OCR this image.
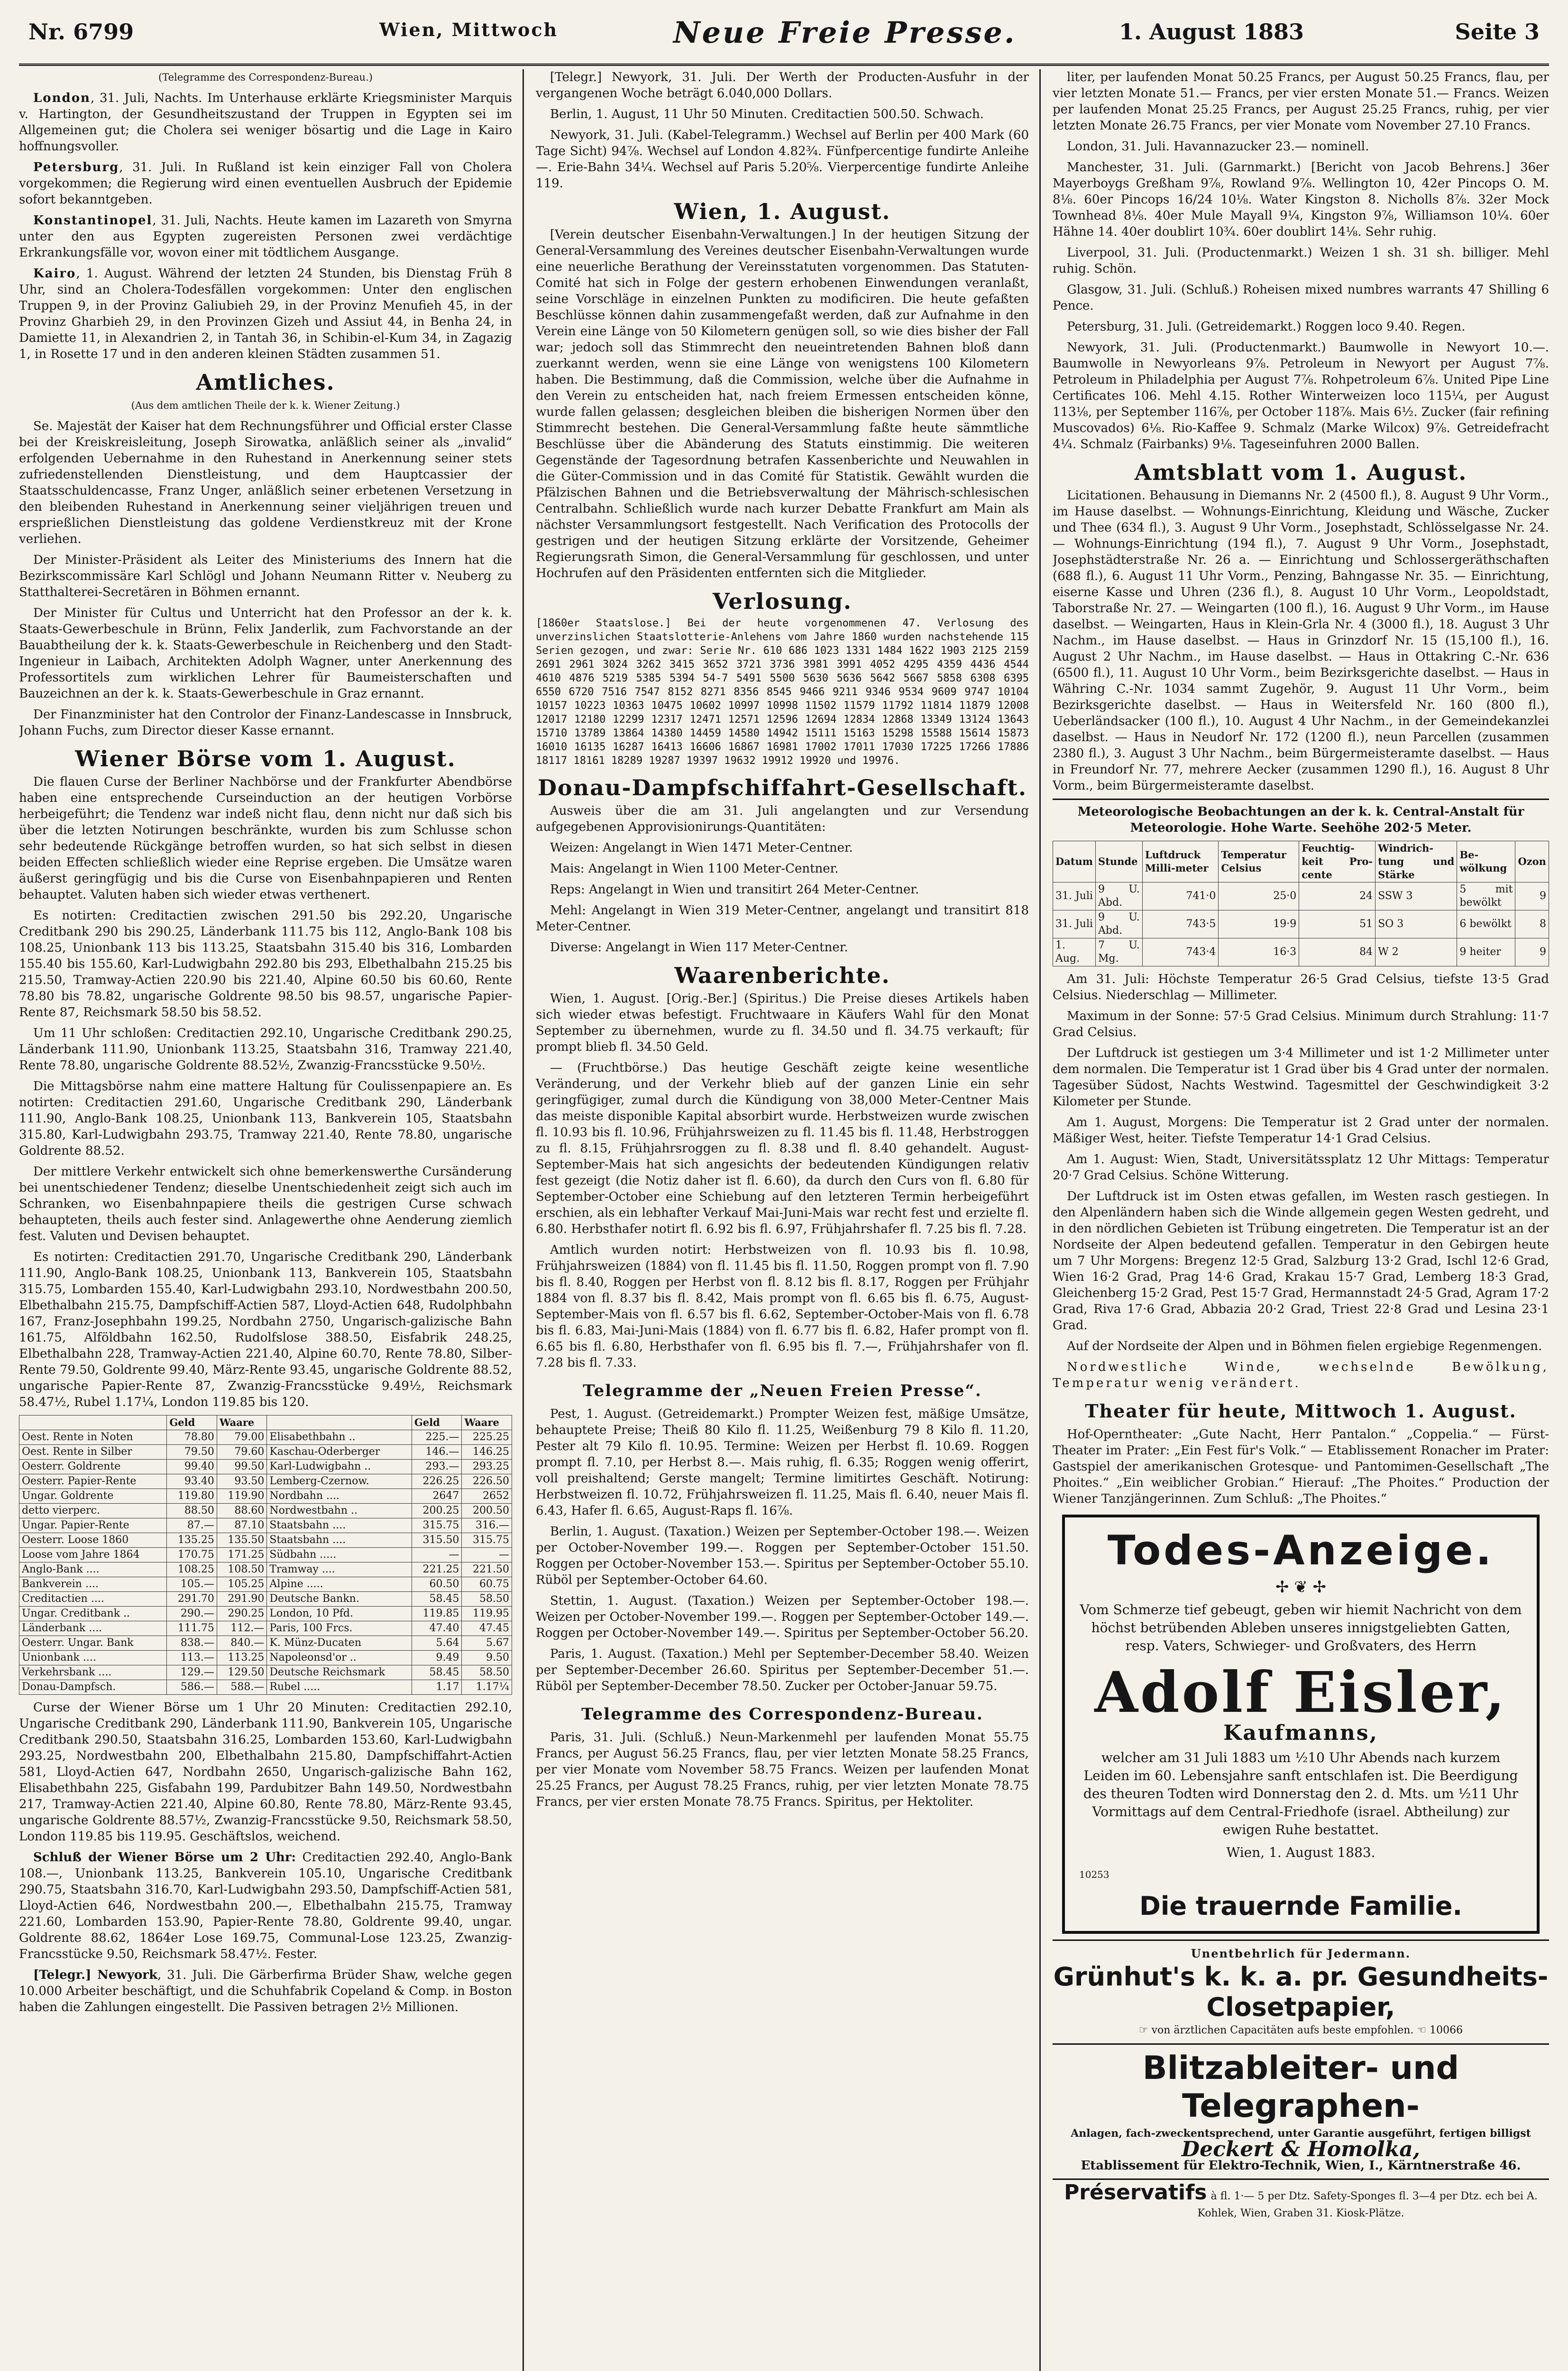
Nr. 6799	Wien, Mittwoch	Neue Freie Presse.	1. August 1883	Seite 3
(Telegramme des Correspondenz-Bureau.)

London, 31. Juli, Nachts. Im Unterhause erklärte Kriegsminister Marquis v. Hartington, der Gesundheitszustand der Truppen in Egypten sei im Allgemeinen gut; die Cholera sei weniger bösartig und die Lage in Kairo hoffnungsvoller.

Petersburg, 31. Juli. In Rußland ist kein einziger Fall von Cholera vorgekommen; die Regierung wird einen eventuellen Ausbruch der Epidemie sofort bekanntgeben.

Konstantinopel, 31. Juli, Nachts. Heute kamen im Lazareth von Smyrna unter den aus Egypten zugereisten Personen zwei verdächtige Erkrankungsfälle vor, wovon einer mit tödtlichem Ausgange.

Kairo, 1. August. Während der letzten 24 Stunden, bis Dienstag Früh 8 Uhr, sind an Cholera-Todesfällen vorgekommen: Unter den englischen Truppen 9, in der Provinz Galiubieh 29, in der Provinz Menufieh 45, in der Provinz Gharbieh 29, in den Provinzen Gizeh und Assiut 44, in Benha 24, in Damiette 11, in Alexandrien 2, in Tantah 36, in Schibin-el-Kum 34, in Zagazig 1, in Rosette 17 und in den anderen kleinen Städten zusammen 51.

Amtliches.
(Aus dem amtlichen Theile der k. k. Wiener Zeitung.)

Se. Majestät der Kaiser hat dem Rechnungsführer und Official erster Classe bei der Kreiskreisleitung, Joseph Sirowatka, anläßlich seiner als „invalid“ erfolgenden Uebernahme in den Ruhestand in Anerkennung seiner stets zufriedenstellenden Dienstleistung, und dem Hauptcassier der Staatsschuldencasse, Franz Unger, anläßlich seiner erbetenen Versetzung in den bleibenden Ruhestand in Anerkennung seiner vieljährigen treuen und ersprießlichen Dienstleistung das goldene Verdienstkreuz mit der Krone verliehen.

Der Minister-Präsident als Leiter des Ministeriums des Innern hat die Bezirkscommissäre Karl Schlögl und Johann Neumann Ritter v. Neuberg zu Statthalterei-Secretären in Böhmen ernannt.

Der Minister für Cultus und Unterricht hat den Professor an der k. k. Staats-Gewerbeschule in Brünn, Felix Janderlik, zum Fachvorstande an der Bauabtheilung der k. k. Staats-Gewerbeschule in Reichenberg und den Stadt-Ingenieur in Laibach, Architekten Adolph Wagner, unter Anerkennung des Professortitels zum wirklichen Lehrer für Baumeisterschaften und Bauzeichnen an der k. k. Staats-Gewerbeschule in Graz ernannt.

Der Finanzminister hat den Controlor der Finanz-Landescasse in Innsbruck, Johann Fuchs, zum Director dieser Kasse ernannt.

Wiener Börse vom 1. August.

Die flauen Curse der Berliner Nachbörse und der Frankfurter Abendbörse haben eine entsprechende Curseinduction an der heutigen Vorbörse herbeigeführt; die Tendenz war indeß nicht flau, denn nicht nur daß sich bis über die letzten Notirungen beschränkte, wurden bis zum Schlusse schon sehr bedeutende Rückgänge betroffen wurden, so hat sich selbst in diesen beiden Effecten schließlich wieder eine Reprise ergeben. Die Umsätze waren äußerst geringfügig und bis die Curse von Eisenbahnpapieren und Renten behauptet. Valuten haben sich wieder etwas verthenert.

Es notirten: Creditactien zwischen 291.50 bis 292.20, Ungarische Creditbank 290 bis 290.25, Länderbank 111.75 bis 112, Anglo-Bank 108 bis 108.25, Unionbank 113 bis 113.25, Staatsbahn 315.40 bis 316, Lombarden 155.40 bis 155.60, Karl-Ludwigbahn 292.80 bis 293, Elbethalbahn 215.25 bis 215.50, Tramway-Actien 220.90 bis 221.40, Alpine 60.50 bis 60.60, Rente 78.80 bis 78.82, ungarische Goldrente 98.50 bis 98.57, ungarische Papier-Rente 87, Reichsmark 58.50 bis 58.52.

Um 11 Uhr schloßen: Creditactien 292.10, Ungarische Creditbank 290.25, Länderbank 111.90, Unionbank 113.25, Staatsbahn 316, Tramway 221.40, Rente 78.80, ungarische Goldrente 88.52½, Zwanzig-Francsstücke 9.50½.

Die Mittagsbörse nahm eine mattere Haltung für Coulissenpapiere an. Es notirten: Creditactien 291.60, Ungarische Creditbank 290, Länderbank 111.90, Anglo-Bank 108.25, Unionbank 113, Bankverein 105, Staatsbahn 315.80, Karl-Ludwigbahn 293.75, Tramway 221.40, Rente 78.80, ungarische Goldrente 88.52.

Der mittlere Verkehr entwickelt sich ohne bemerkenswerthe Cursänderung bei unentschiedener Tendenz; dieselbe Unentschiedenheit zeigt sich auch im Schranken, wo Eisenbahnpapiere theils die gestrigen Curse schwach behaupteten, theils auch fester sind. Anlagewerthe ohne Aenderung ziemlich fest. Valuten und Devisen behauptet.

Es notirten: Creditactien 291.70, Ungarische Creditbank 290, Länderbank 111.90, Anglo-Bank 108.25, Unionbank 113, Bankverein 105, Staatsbahn 315.75, Lombarden 155.40, Karl-Ludwigbahn 293.10, Nordwestbahn 200.50, Elbethalbahn 215.75, Dampfschiff-Actien 587, Lloyd-Actien 648, Rudolphbahn 167, Franz-Josephbahn 199.25, Nordbahn 2750, Ungarisch-galizische Bahn 161.75, Alföldbahn 162.50, Rudolfslose 388.50, Eisfabrik 248.25, Elbethalbahn 228, Tramway-Actien 221.40, Alpine 60.70, Rente 78.80, Silber-Rente 79.50, Goldrente 99.40, März-Rente 93.45, ungarische Goldrente 88.52, ungarische Papier-Rente 87, Zwanzig-Francsstücke 9.49½, Reichsmark 58.47½, Rubel 1.17¼, London 119.85 bis 120.

	Geld	Waare		Geld	Waare
Oest. Rente in Noten	78.80	79.00	Elisabethbahn ..	225.—	225.25
Oest. Rente in Silber	79.50	79.60	Kaschau-Oderberger	146.—	146.25
Oesterr. Goldrente	99.40	99.50	Karl-Ludwigbahn ..	293.—	293.25
Oesterr. Papier-Rente	93.40	93.50	Lemberg-Czernow.	226.25	226.50
Ungar. Goldrente	119.80	119.90	Nordbahn ....	2647	2652
detto vierperc.	88.50	88.60	Nordwestbahn ..	200.25	200.50
Ungar. Papier-Rente	87.—	87.10	Staatsbahn ....	315.75	316.—
Oesterr. Loose 1860	135.25	135.50	Staatsbahn ....	315.50	315.75
Loose vom Jahre 1864	170.75	171.25	Südbahn .....	—	—
Anglo-Bank ....	108.25	108.50	Tramway ....	221.25	221.50
Bankverein ....	105.—	105.25	Alpine .....	60.50	60.75
Creditactien ....	291.70	291.90	Deutsche Bankn.	58.45	58.50
Ungar. Creditbank ..	290.—	290.25	London, 10 Pfd.	119.85	119.95
Länderbank ....	111.75	112.—	Paris, 100 Frcs.	47.40	47.45
Oesterr. Ungar. Bank	838.—	840.—	K. Münz-Ducaten	5.64	5.67
Unionbank ....	113.—	113.25	Napoleonsd'or ..	9.49	9.50
Verkehrsbank ....	129.—	129.50	Deutsche Reichsmark	58.45	58.50
Donau-Dampfsch.	586.—	588.—	Rubel .....	1.17	1.17¼

Curse der Wiener Börse um 1 Uhr 20 Minuten: Creditactien 292.10, Ungarische Creditbank 290, Länderbank 111.90, Bankverein 105, Ungarische Creditbank 290.50, Staatsbahn 316.25, Lombarden 153.60, Karl-Ludwigbahn 293.25, Nordwestbahn 200, Elbethalbahn 215.80, Dampfschiffahrt-Actien 581, Lloyd-Actien 647, Nordbahn 2650, Ungarisch-galizische Bahn 162, Elisabethbahn 225, Gisfabahn 199, Pardubitzer Bahn 149.50, Nordwestbahn 217, Tramway-Actien 221.40, Alpine 60.80, Rente 78.80, März-Rente 93.45, ungarische Goldrente 88.57½, Zwanzig-Francsstücke 9.50, Reichsmark 58.50, London 119.85 bis 119.95. Geschäftslos, weichend.

Schluß der Wiener Börse um 2 Uhr: Creditactien 292.40, Anglo-Bank 108.—, Unionbank 113.25, Bankverein 105.10, Ungarische Creditbank 290.75, Staatsbahn 316.70, Karl-Ludwigbahn 293.50, Dampfschiff-Actien 581, Lloyd-Actien 646, Nordwestbahn 200.—, Elbethalbahn 215.75, Tramway 221.60, Lombarden 153.90, Papier-Rente 78.80, Goldrente 99.40, ungar. Goldrente 88.62, 1864er Lose 169.75, Communal-Lose 123.25, Zwanzig-Francsstücke 9.50, Reichsmark 58.47½. Fester.

[Telegr.] Newyork, 31. Juli. Die Gärberfirma Brüder Shaw, welche gegen 10.000 Arbeiter beschäftigt, und die Schuhfabrik Copeland & Comp. in Boston haben die Zahlungen eingestellt. Die Passiven betragen 2½ Millionen.

[Telegr.] Newyork, 31. Juli. Der Werth der Producten-Ausfuhr in der vergangenen Woche beträgt 6.040,000 Dollars.

Berlin, 1. August, 11 Uhr 50 Minuten. Creditactien 500.50. Schwach.

Newyork, 31. Juli. (Kabel-Telegramm.) Wechsel auf Berlin per 400 Mark (60 Tage Sicht) 94⅞. Wechsel auf London 4.82¾. Fünfpercentige fundirte Anleihe —. Erie-Bahn 34¼. Wechsel auf Paris 5.20⅝. Vierpercentige fundirte Anleihe 119.

Wien, 1. August.

[Verein deutscher Eisenbahn-Verwaltungen.] In der heutigen Sitzung der General-Versammlung des Vereines deutscher Eisenbahn-Verwaltungen wurde eine neuerliche Berathung der Vereinsstatuten vorgenommen. Das Statuten-Comité hat sich in Folge der gestern erhobenen Einwendungen veranlaßt, seine Vorschläge in einzelnen Punkten zu modificiren. Die heute gefaßten Beschlüsse können dahin zusammengefaßt werden, daß zur Aufnahme in den Verein eine Länge von 50 Kilometern genügen soll, so wie dies bisher der Fall war; jedoch soll das Stimmrecht den neueintretenden Bahnen bloß dann zuerkannt werden, wenn sie eine Länge von wenigstens 100 Kilometern haben. Die Bestimmung, daß die Commission, welche über die Aufnahme in den Verein zu entscheiden hat, nach freiem Ermessen entscheiden könne, wurde fallen gelassen; desgleichen bleiben die bisherigen Normen über den Stimmrecht bestehen. Die General-Versammlung faßte heute sämmtliche Beschlüsse über die Abänderung des Statuts einstimmig. Die weiteren Gegenstände der Tagesordnung betrafen Kassenberichte und Neuwahlen in die Güter-Commission und in das Comité für Statistik. Gewählt wurden die Pfälzischen Bahnen und die Betriebsverwaltung der Mährisch-schlesischen Centralbahn. Schließlich wurde nach kurzer Debatte Frankfurt am Main als nächster Versammlungsort festgestellt. Nach Verification des Protocolls der gestrigen und der heutigen Sitzung erklärte der Vorsitzende, Geheimer Regierungsrath Simon, die General-Versammlung für geschlossen, und unter Hochrufen auf den Präsidenten entfernten sich die Mitglieder.

Verlosung.
[1860er Staatslose.] Bei der heute vorgenommenen 47. Verlosung des unverzinslichen Staatslotterie-Anlehens vom Jahre 1860 wurden nachstehende 115 Serien gezogen, und zwar: Serie Nr. 610 686 1023 1331 1484 1622 1903 2125 2159 2691 2961 3024 3262 3415 3652 3721 3736 3981 3991 4052 4295 4359 4436 4544 4610 4876 5219 5385 5394 54-7 5491 5500 5630 5636 5642 5667 5858 6308 6395 6550 6720 7516 7547 8152 8271 8356 8545 9466 9211 9346 9534 9609 9747 10104 10157 10223 10363 10475 10602 10997 10998 11502 11579 11792 11814 11879 12008 12017 12180 12299 12317 12471 12571 12596 12694 12834 12868 13349 13124 13643 15710 13789 13864 14380 14459 14580 14942 15111 15163 15298 15588 15614 15873 16010 16135 16287 16413 16606 16867 16981 17002 17011 17030 17225 17266 17886 18117 18161 18289 19287 19397 19632 19912 19920 und 19976.
Donau-Dampfschiffahrt-Gesellschaft.

Ausweis über die am 31. Juli angelangten und zur Versendung aufgegebenen Approvisionirungs-Quantitäten:

Weizen: Angelangt in Wien 1471 Meter-Centner.

Mais: Angelangt in Wien 1100 Meter-Centner.

Reps: Angelangt in Wien und transitirt 264 Meter-Centner.

Mehl: Angelangt in Wien 319 Meter-Centner, angelangt und transitirt 818 Meter-Centner.

Diverse: Angelangt in Wien 117 Meter-Centner.

Waarenberichte.

Wien, 1. August. [Orig.-Ber.] (Spiritus.) Die Preise dieses Artikels haben sich wieder etwas befestigt. Fruchtwaare in Käufers Wahl für den Monat September zu übernehmen, wurde zu fl. 34.50 und fl. 34.75 verkauft; für prompt blieb fl. 34.50 Geld.

— (Fruchtbörse.) Das heutige Geschäft zeigte keine wesentliche Veränderung, und der Verkehr blieb auf der ganzen Linie ein sehr geringfügiger, zumal durch die Kündigung von 38,000 Meter-Centner Mais das meiste disponible Kapital absorbirt wurde. Herbstweizen wurde zwischen fl. 10.93 bis fl. 10.96, Frühjahrsweizen zu fl. 11.45 bis fl. 11.48, Herbstroggen zu fl. 8.15, Frühjahrsroggen zu fl. 8.38 und fl. 8.40 gehandelt. August-September-Mais hat sich angesichts der bedeutenden Kündigungen relativ fest gezeigt (die Notiz daher ist fl. 6.60), da durch den Curs von fl. 6.80 für September-October eine Schiebung auf den letzteren Termin herbeigeführt erschien, als ein lebhafter Verkauf Mai-Juni-Mais war recht fest und erzielte fl. 6.80. Herbsthafer notirt fl. 6.92 bis fl. 6.97, Frühjahrshafer fl. 7.25 bis fl. 7.28.

Amtlich wurden notirt: Herbstweizen von fl. 10.93 bis fl. 10.98, Frühjahrsweizen (1884) von fl. 11.45 bis fl. 11.50, Roggen prompt von fl. 7.90 bis fl. 8.40, Roggen per Herbst von fl. 8.12 bis fl. 8.17, Roggen per Frühjahr 1884 von fl. 8.37 bis fl. 8.42, Mais prompt von fl. 6.65 bis fl. 6.75, August-September-Mais von fl. 6.57 bis fl. 6.62, September-October-Mais von fl. 6.78 bis fl. 6.83, Mai-Juni-Mais (1884) von fl. 6.77 bis fl. 6.82, Hafer prompt von fl. 6.65 bis fl. 6.80, Herbsthafer von fl. 6.95 bis fl. 7.—, Frühjahrshafer von fl. 7.28 bis fl. 7.33.

Telegramme der „Neuen Freien Presse“.

Pest, 1. August. (Getreidemarkt.) Prompter Weizen fest, mäßige Umsätze, behauptete Preise; Theiß 80 Kilo fl. 11.25, Weißenburg 79 8 Kilo fl. 11.20, Pester alt 79 Kilo fl. 10.95. Termine: Weizen per Herbst fl. 10.69. Roggen prompt fl. 7.10, per Herbst 8.—. Mais ruhig, fl. 6.35; Roggen wenig offerirt, voll preishaltend; Gerste mangelt; Termine limitirtes Geschäft. Notirung: Herbstweizen fl. 10.72, Frühjahrsweizen fl. 11.25, Mais fl. 6.40, neuer Mais fl. 6.43, Hafer fl. 6.65, August-Raps fl. 16⅞.

Berlin, 1. August. (Taxation.) Weizen per September-October 198.—. Weizen per October-November 199.—. Roggen per September-October 151.50. Roggen per October-November 153.—. Spiritus per September-October 55.10. Rüböl per September-October 64.60.

Stettin, 1. August. (Taxation.) Weizen per September-October 198.—. Weizen per October-November 199.—. Roggen per September-October 149.—. Roggen per October-November 149.—. Spiritus per September-October 56.20.

Paris, 1. August. (Taxation.) Mehl per September-December 58.40. Weizen per September-December 26.60. Spiritus per September-December 51.—. Rüböl per September-December 78.50. Zucker per October-Januar 59.75.

Telegramme des Correspondenz-Bureau.

Paris, 31. Juli. (Schluß.) Neun-Markenmehl per laufenden Monat 55.75 Francs, per August 56.25 Francs, flau, per vier letzten Monate 58.25 Francs, per vier Monate vom November 58.75 Francs. Weizen per laufenden Monat 25.25 Francs, per August 78.25 Francs, ruhig, per vier letzten Monate 78.75 Francs, per vier ersten Monate 78.75 Francs. Spiritus, per Hektoliter.

liter, per laufenden Monat 50.25 Francs, per August 50.25 Francs, flau, per vier letzten Monate 51.— Francs, per vier ersten Monate 51.— Francs. Weizen per laufenden Monat 25.25 Francs, per August 25.25 Francs, ruhig, per vier letzten Monate 26.75 Francs, per vier Monate vom November 27.10 Francs.

London, 31. Juli. Havannazucker 23.— nominell.

Manchester, 31. Juli. (Garnmarkt.) [Bericht von Jacob Behrens.] 36er Mayerboygs Greßham 9⅞, Rowland 9⅞. Wellington 10, 42er Pincops O. M. 8⅛. 60er Pincops 16/24 10⅛. Water Kingston 8. Nicholls 8⅞. 32er Mock Townhead 8⅛. 40er Mule Mayall 9¼, Kingston 9⅞, Williamson 10¼. 60er Hähne 14. 40er doublirt 10¾. 60er doublirt 14⅛. Sehr ruhig.

Liverpool, 31. Juli. (Productenmarkt.) Weizen 1 sh. 31 sh. billiger. Mehl ruhig. Schön.

Glasgow, 31. Juli. (Schluß.) Roheisen mixed numbres warrants 47 Shilling 6 Pence.

Petersburg, 31. Juli. (Getreidemarkt.) Roggen loco 9.40. Regen.

Newyork, 31. Juli. (Productenmarkt.) Baumwolle in Newyort 10.—. Baumwolle in Newyorleans 9⅞. Petroleum in Newyort per August 7⅞. Petroleum in Philadelphia per August 7⅞. Rohpetroleum 6⅞. United Pipe Line Certificates 106. Mehl 4.15. Rother Winterweizen loco 115¼, per August 113⅛, per September 116⅞, per October 118⅞. Mais 6½. Zucker (fair refining Muscovados) 6⅛. Rio-Kaffee 9. Schmalz (Marke Wilcox) 9⅞. Getreidefracht 4¼. Schmalz (Fairbanks) 9⅛. Tageseinfuhren 2000 Ballen.

Amtsblatt vom 1. August.

Licitationen. Behausung in Diemanns Nr. 2 (4500 fl.), 8. August 9 Uhr Vorm., im Hause daselbst. — Wohnungs-Einrichtung, Kleidung und Wäsche, Zucker und Thee (634 fl.), 3. August 9 Uhr Vorm., Josephstadt, Schlösselgasse Nr. 24. — Wohnungs-Einrichtung (194 fl.), 7. August 9 Uhr Vorm., Josephstadt, Josephstädterstraße Nr. 26 a. — Einrichtung und Schlossergeräthschaften (688 fl.), 6. August 11 Uhr Vorm., Penzing, Bahngasse Nr. 35. — Einrichtung, eiserne Kasse und Uhren (236 fl.), 8. August 10 Uhr Vorm., Leopoldstadt, Taborstraße Nr. 27. — Weingarten (100 fl.), 16. August 9 Uhr Vorm., im Hause daselbst. — Weingarten, Haus in Klein-Grla Nr. 4 (3000 fl.), 18. August 3 Uhr Nachm., im Hause daselbst. — Haus in Grinzdorf Nr. 15 (15,100 fl.), 16. August 2 Uhr Nachm., im Hause daselbst. — Haus in Ottakring C.-Nr. 636 (6500 fl.), 11. August 10 Uhr Vorm., beim Bezirksgerichte daselbst. — Haus in Währing C.-Nr. 1034 sammt Zugehör, 9. August 11 Uhr Vorm., beim Bezirksgerichte daselbst. — Haus in Weitersfeld Nr. 160 (800 fl.), Ueberländsacker (100 fl.), 10. August 4 Uhr Nachm., in der Gemeindekanzlei daselbst. — Haus in Neudorf Nr. 172 (1200 fl.), neun Parcellen (zusammen 2380 fl.), 3. August 3 Uhr Nachm., beim Bürgermeisteramte daselbst. — Haus in Freundorf Nr. 77, mehrere Aecker (zusammen 1290 fl.), 16. August 8 Uhr Vorm., beim Bürgermeisteramte daselbst.

Meteorologische Beobachtungen an der k. k. Central-Anstalt für Meteorologie. Hohe Warte. Seehöhe 202·5 Meter.
Datum	Stunde	Luftdruck Milli-meter	Temperatur Celsius	Feuchtig-keit Pro-cente	Windrich-tung und Stärke	Be-wölkung	Ozon
31. Juli	9 U. Abd.	741·0	25·0	24	SSW 3	5 mit bewölkt	9
31. Juli	9 U. Abd.	743·5	19·9	51	SO 3	6 bewölkt	8
1. Aug.	7 U. Mg.	743·4	16·3	84	W 2	9 heiter	9

Am 31. Juli: Höchste Temperatur 26·5 Grad Celsius, tiefste 13·5 Grad Celsius. Niederschlag — Millimeter.

Maximum in der Sonne: 57·5 Grad Celsius. Minimum durch Strahlung: 11·7 Grad Celsius.

Der Luftdruck ist gestiegen um 3·4 Millimeter und ist 1·2 Millimeter unter dem normalen. Die Temperatur ist 1 Grad über bis 4 Grad unter der normalen. Tagesüber Südost, Nachts Westwind. Tagesmittel der Geschwindigkeit 3·2 Kilometer per Stunde.

Am 1. August, Morgens: Die Temperatur ist 2 Grad unter der normalen. Mäßiger West, heiter. Tiefste Temperatur 14·1 Grad Celsius.

Am 1. August: Wien, Stadt, Universitätssplatz 12 Uhr Mittags: Temperatur 20·7 Grad Celsius. Schöne Witterung.

Der Luftdruck ist im Osten etwas gefallen, im Westen rasch gestiegen. In den Alpenländern haben sich die Winde allgemein gegen Westen gedreht, und in den nördlichen Gebieten ist Trübung eingetreten. Die Temperatur ist an der Nordseite der Alpen bedeutend gefallen. Temperatur in den Gebirgen heute um 7 Uhr Morgens: Bregenz 12·5 Grad, Salzburg 13·2 Grad, Ischl 12·6 Grad, Wien 16·2 Grad, Prag 14·6 Grad, Krakau 15·7 Grad, Lemberg 18·3 Grad, Gleichenberg 15·2 Grad, Pest 15·7 Grad, Hermannstadt 24·5 Grad, Agram 17·2 Grad, Riva 17·6 Grad, Abbazia 20·2 Grad, Triest 22·8 Grad und Lesina 23·1 Grad.

Auf der Nordseite der Alpen und in Böhmen fielen ergiebige Regenmengen.

Nordwestliche Winde, wechselnde Bewölkung, Temperatur wenig verändert.

Theater für heute, Mittwoch 1. August.

Hof-Operntheater: „Gute Nacht, Herr Pantalon.“ „Coppelia.“ — Fürst-Theater im Prater: „Ein Fest für's Volk.“ — Etablissement Ronacher im Prater: Gastspiel der amerikanischen Grotesque- und Pantomimen-Gesellschaft „The Phoites.“ „Ein weiblicher Grobian.“ Hierauf: „The Phoites.“ Production der Wiener Tanzjängerinnen. Zum Schluß: „The Phoites.“

Todes-Anzeige.
✢ ❦ ✢

Vom Schmerze tief gebeugt, geben wir hiemit Nachricht von dem höchst betrübenden Ableben unseres innigstgeliebten Gatten, resp. Vaters, Schwieger- und Großvaters, des Herrn

Adolf Eisler,
Kaufmanns,

welcher am 31 Juli 1883 um ½10 Uhr Abends nach kurzem Leiden im 60. Lebensjahre sanft entschlafen ist. Die Beerdigung des theuren Todten wird Donnerstag den 2. d. Mts. um ½11 Uhr Vormittags auf dem Central-Friedhofe (israel. Abtheilung) zur ewigen Ruhe bestattet.

Wien, 1. August 1883.

10253
Die trauernde Familie.
Unentbehrlich für Jedermann.
Grünhut's k. k. a. pr. Gesundheits-Closetpapier,
☞ von ärztlichen Capacitäten aufs beste empfohlen. ☜ 10066
Blitzableiter- und Telegraphen-
Anlagen, fach-zweckentsprechend, unter Garantie ausgeführt, fertigen billigst
Deckert & Homolka,
Etablissement für Elektro-Technik, Wien, I., Kärntnerstraße 46.
Préservatifs à fl. 1·— 5 per Dtz. Safety-Sponges fl. 3—4 per Dtz. ech bei A. Kohlek, Wien, Graben 31. Kiosk-Plätze.
